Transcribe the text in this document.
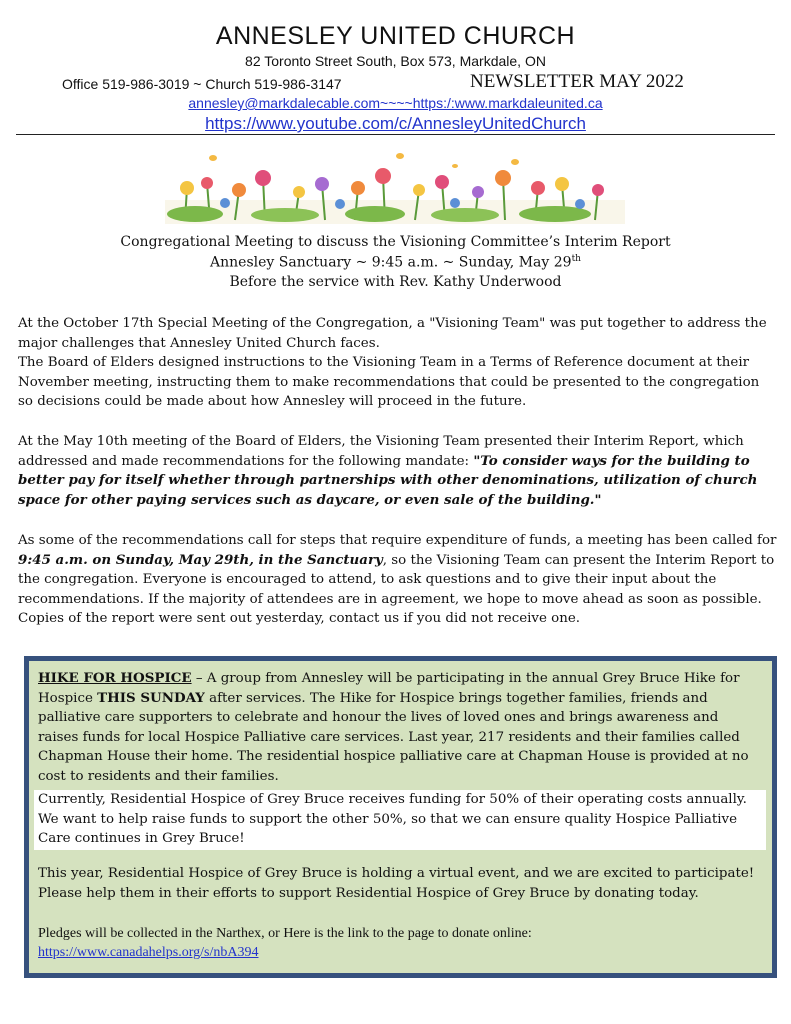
ANNESLEY UNITED CHURCH
82 Toronto Street South, Box 573, Markdale, ON
Office 519-986-3019 ~ Church 519-986-3147	NEWSLETTER MAY 2022
annesley@markdalecable.com~~~~https:/:www.markdaleunited.ca
https://www.youtube.com/c/AnnesleyUnitedChurch
Congregational Meeting to discuss the Visioning Committee’s Interim Report
Annesley Sanctuary ~ 9:45 a.m. ~ Sunday, May 29th
Before the service with Rev. Kathy Underwood
At the October 17th Special Meeting of the Congregation, a "Visioning Team" was put together to address the major challenges that Annesley United Church faces.
The Board of Elders designed instructions to the Visioning Team in a Terms of Reference document at their November meeting, instructing them to make recommendations that could be presented to the congregation so decisions could be made about how Annesley will proceed in the future.
At the May 10th meeting of the Board of Elders, the Visioning Team presented their Interim Report, which addressed and made recommendations for the following mandate: "To consider ways for the building to better pay for itself whether through partnerships with other denominations, utilization of church space for other paying services such as daycare, or even sale of the building."
As some of the recommendations call for steps that require expenditure of funds, a meeting has been called for 9:45 a.m. on Sunday, May 29th, in the Sanctuary, so the Visioning Team can present the Interim Report to the congregation. Everyone is encouraged to attend, to ask questions and to give their input about the recommendations. If the majority of attendees are in agreement, we hope to move ahead as soon as possible. Copies of the report were sent out yesterday, contact us if you did not receive one.
HIKE FOR HOSPICE – A group from Annesley will be participating in the annual Grey Bruce Hike for Hospice THIS SUNDAY after services. The Hike for Hospice brings together families, friends and palliative care supporters to celebrate and honour the lives of loved ones and brings awareness and raises funds for local Hospice Palliative care services. Last year, 217 residents and their families called Chapman House their home. The residential hospice palliative care at Chapman House is provided at no cost to residents and their families.
Currently, Residential Hospice of Grey Bruce receives funding for 50% of their operating costs annually. We want to help raise funds to support the other 50%, so that we can ensure quality Hospice Palliative Care continues in Grey Bruce!
This year, Residential Hospice of Grey Bruce is holding a virtual event, and we are excited to participate! Please help them in their efforts to support Residential Hospice of Grey Bruce by donating today.
Pledges will be collected in the Narthex, or Here is the link to the page to donate online:
https://www.canadahelps.org/s/nbA394
